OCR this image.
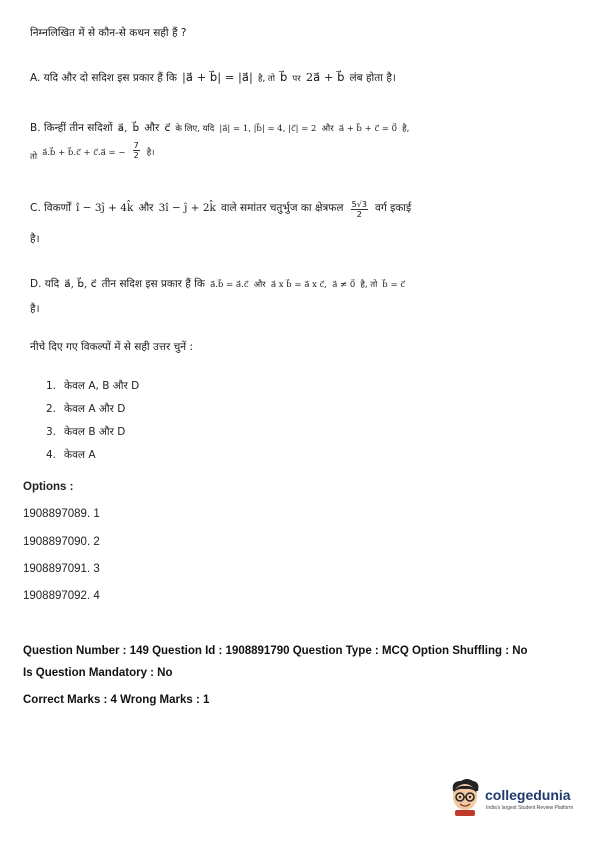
निम्नलिखित में से कौन-से कथन सही हैं ?
A. यदि और दो सदिश इस प्रकार हैं कि |a⃗ + b⃗| = |a⃗| है, तो b⃗ पर 2a⃗ + b⃗ लंब होता है।
B. किन्हीं तीन सदिशों a⃗, b⃗ और c⃗ के लिए, यदि |a⃗| = 1, |b⃗| = 4, |c⃗| = 2 और a⃗ + b⃗ + c⃗ = 0⃗ है,
$_{तो}$ a⃗.b⃗ + b⃗.c⃗ + c⃗.a⃗ = − $\frac{7}{2}$ है।
C. विकर्णों î − 3ĵ + 4k̂ और 3î − ĵ + 2k̂ वाले समांतर चतुर्भुज का क्षेत्रफल $\frac{5√3}{2}$ वर्ग इकाई
है।
D. यदि a⃗, b⃗, c⃗ तीन सदिश इस प्रकार हैं कि a⃗.b⃗ = a⃗.c⃗ और a⃗ x b⃗ = a⃗ x c⃗, a⃗ ≠ 0⃗ है, तो b⃗ = c⃗
है।
नीचे दिए गए विकल्पों में से सही उत्तर चुनें :
1. केवल A, B और D
2. केवल A और D
3. केवल B और D
4. केवल A
Options :
1908897089. 1
1908897090. 2
1908897091. 3
1908897092. 4
Question Number : 149 Question Id : 1908891790 Question Type : MCQ Option Shuffling : No
Is Question Mandatory : No
Correct Marks : 4 Wrong Marks : 1
collegedunia
India's largest Student Review Platform
